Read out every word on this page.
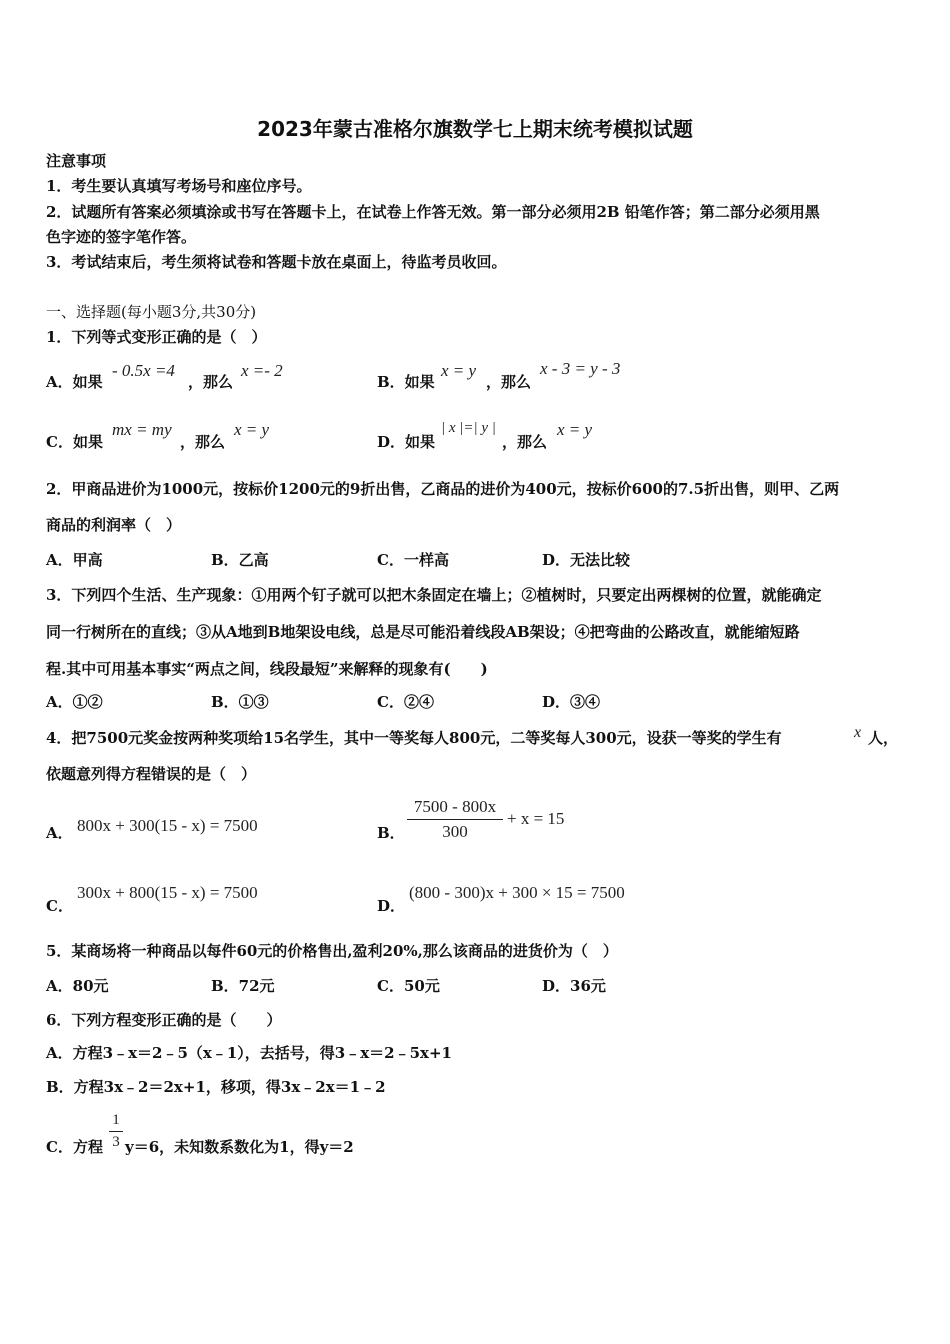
2023年蒙古准格尔旗数学七上期末统考模拟试题
注意事项
1．考生要认真填写考场号和座位序号。
2．试题所有答案必须填涂或书写在答题卡上，在试卷上作答无效。第一部分必须用2B 铅笔作答；第二部分必须用黑
色字迹的签字笔作答。
3．考试结束后，考生须将试卷和答题卡放在桌面上，待监考员收回。
一、选择题(每小题3分,共30分)
1．下列等式变形正确的是（　）
A．如果
- 0.5x =4
，那么
x =- 2
B．如果
x = y
，那么
x - 3 = y - 3
C．如果
mx = my
，那么
x = y
D．如果
| x |=| y |
，那么
x = y
2．甲商品进价为1000元，按标价1200元的9折出售，乙商品的进价为400元，按标价600的7.5折出售，则甲、乙两
商品的利润率（　）
A．甲高	B．乙高	C．一样高	D．无法比较
3．下列四个生活、生产现象：①用两个钉子就可以把木条固定在墙上；②植树时，只要定出两棵树的位置，就能确定
同一行树所在的直线；③从A地到B地架设电线，总是尽可能沿着线段AB架设；④把弯曲的公路改直，就能缩短路
程.其中可用基本事实“两点之间，线段最短”来解释的现象有(　　)
A．①②	B．①③	C．②④	D．③④
4．把7500元奖金按两种奖项给15名学生，其中一等奖每人800元，二等奖每人300元，设获一等奖的学生有	x 人，
依题意列得方程错误的是（　）
A． 800x + 300(15 - x) = 7500	B．
7500 - 800x
300
+ x = 15
C．
300x + 800(15 - x) = 7500
D．
(800 - 300)x + 300 × 15 = 7500
5．某商场将一种商品以每件60元的价格售出,盈利20%,那么该商品的进货价为（　）
A．80元	B．72元	C．50元	D．36元
6．下列方程变形正确的是（　　）
A．方程3﹣x＝2﹣5（x﹣1），去括号，得3﹣x＝2﹣5x+1
B．方程3x﹣2＝2x+1，移项，得3x﹣2x＝1﹣2
C．方程
1
3 y＝6，未知数系数化为1，得y＝2
